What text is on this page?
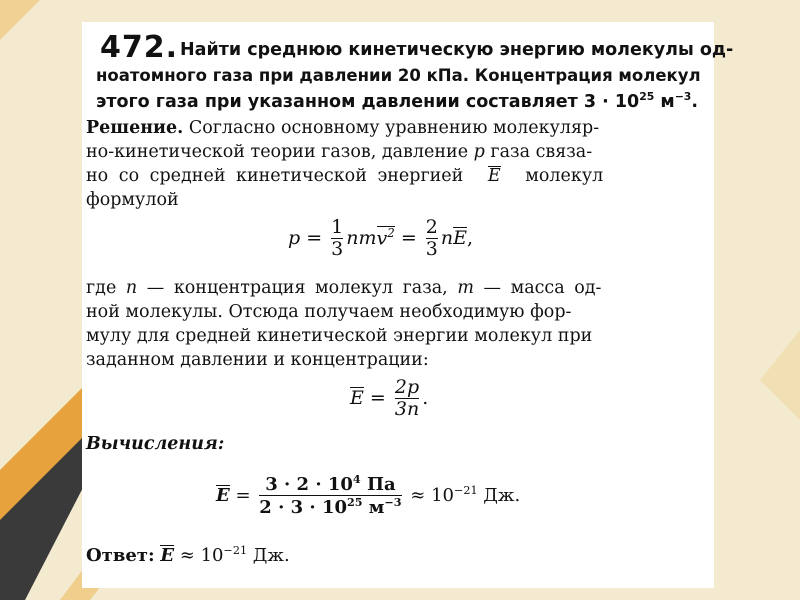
472. Найти среднюю кинетическую энергию молекулы од-
ноатомного газа при давлении 20 кПа. Концентрация молекул
этого газа при указанном давлении составляет $3 \cdot 10^{25}$ $м^{-3}$.
Решение. Согласно основному уравнению молекуляр-
но-кинетической теории газов, давление p газа связа-
но со средней кинетической энергией E молекул
формулой
$p = \frac{1}{3} nmv^2 = \frac{2}{3}$ nE,
где n — концентрация молекул газа, m — масса од-
ной молекулы. Отсюда получаем необходимую фор-
мулу для средней кинетической энергии молекул при
заданном давлении и концентрации:
$E = \frac{2p}{3n}$ .
Вычисления:
$E = \frac{3 \cdot 2 \cdot 10^4 Па}{2 \cdot 3 \cdot 10^{25} м^{-3}} \approx 10^{-21}$ Дж.
Ответ: $E \approx 10^{-21}$ Дж.
